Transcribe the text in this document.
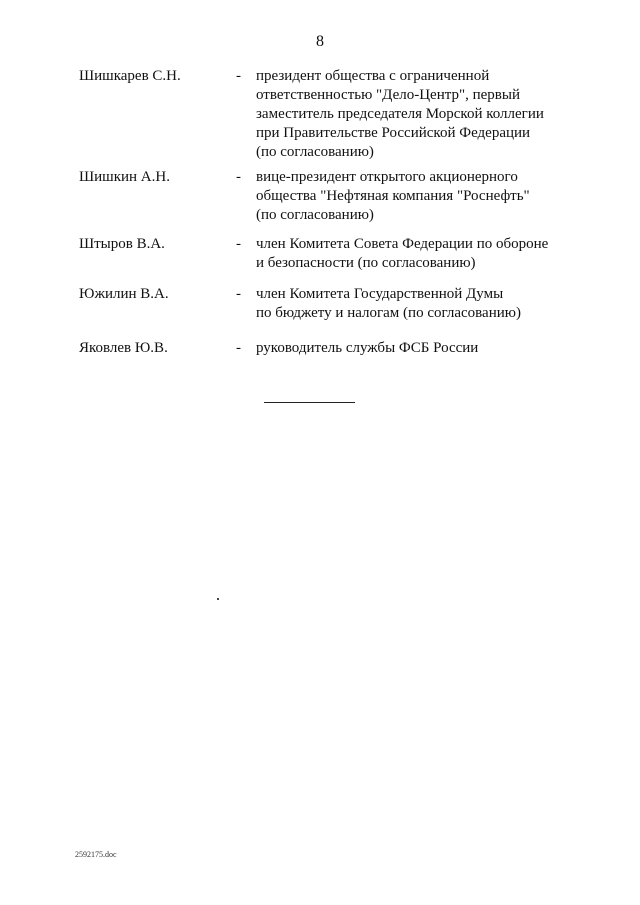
8
Шишкарев С.Н.	- президент общества с ограниченной
ответственностью "Дело-Центр", первый
заместитель председателя Морской коллегии
при Правительстве Российской Федерации
(по согласованию)
Шишкин А.Н.	- вице-президент открытого акционерного
общества "Нефтяная компания "Роснефть"
(по согласованию)
Штыров В.А.	- член Комитета Совета Федерации по обороне
и безопасности (по согласованию)
Южилин В.А.	- член Комитета Государственной Думы
по бюджету и налогам (по согласованию)
Яковлев Ю.В.	- руководитель службы ФСБ России
2592175.doc
